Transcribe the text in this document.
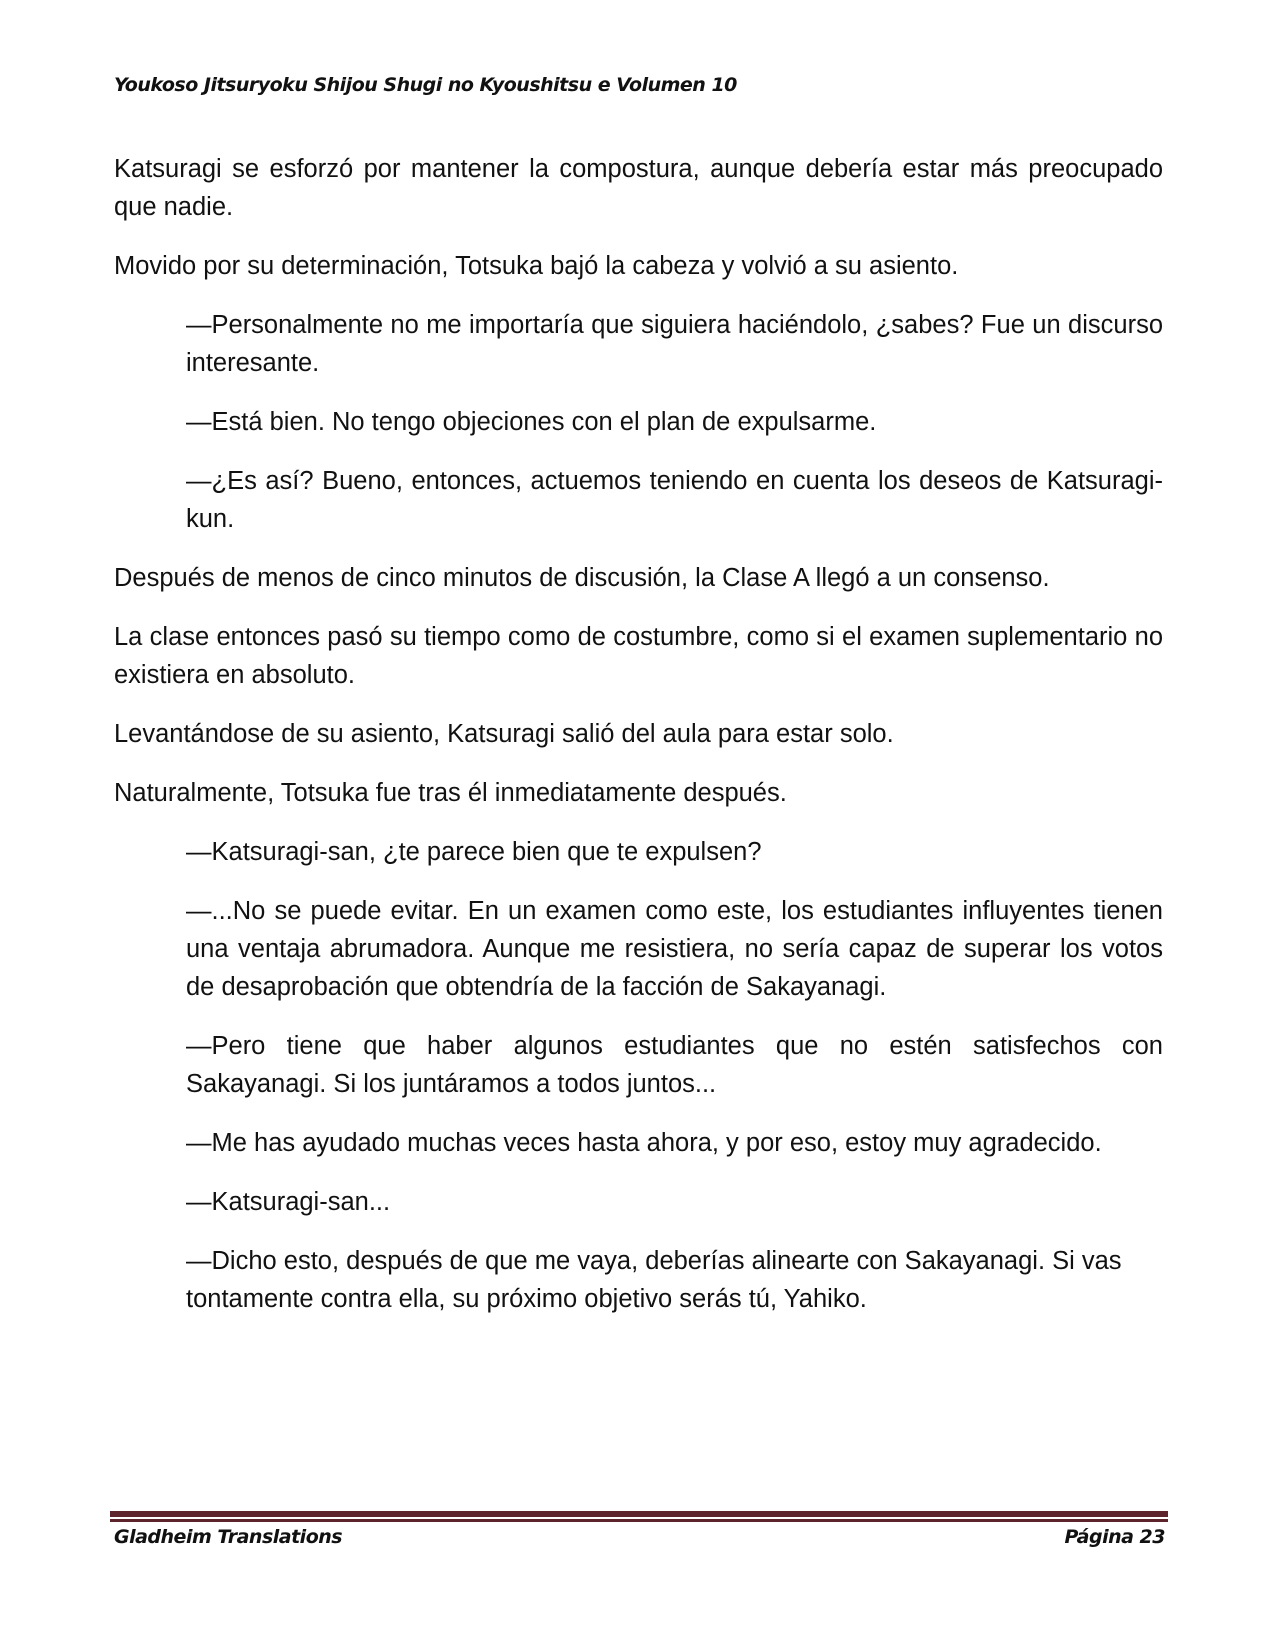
Youkoso Jitsuryoku Shijou Shugi no Kyoushitsu e Volumen 10

Katsuragi se esforzó por mantener la compostura, aunque debería estar más preocupado que nadie.

Movido por su determinación, Totsuka bajó la cabeza y volvió a su asiento.

—Personalmente no me importaría que siguiera haciéndolo, ¿sabes? Fue un discurso interesante.

—Está bien. No tengo objeciones con el plan de expulsarme.

—¿Es así? Bueno, entonces, actuemos teniendo en cuenta los deseos de Katsuragi-kun.

Después de menos de cinco minutos de discusión, la Clase A llegó a un consenso.

La clase entonces pasó su tiempo como de costumbre, como si el examen suplementario no existiera en absoluto.

Levantándose de su asiento, Katsuragi salió del aula para estar solo.

Naturalmente, Totsuka fue tras él inmediatamente después.

—Katsuragi-san, ¿te parece bien que te expulsen?

—...No se puede evitar. En un examen como este, los estudiantes influyentes tienen una ventaja abrumadora. Aunque me resistiera, no sería capaz de superar los votos de desaprobación que obtendría de la facción de Sakayanagi.

—Pero tiene que haber algunos estudiantes que no estén satisfechos con Sakayanagi. Si los juntáramos a todos juntos...

—Me has ayudado muchas veces hasta ahora, y por eso, estoy muy agradecido.

—Katsuragi-san...

—Dicho esto, después de que me vaya, deberías alinearte con Sakayanagi. Si vas tontamente contra ella, su próximo objetivo serás tú, Yahiko.

Gladheim Translations	Página 23
